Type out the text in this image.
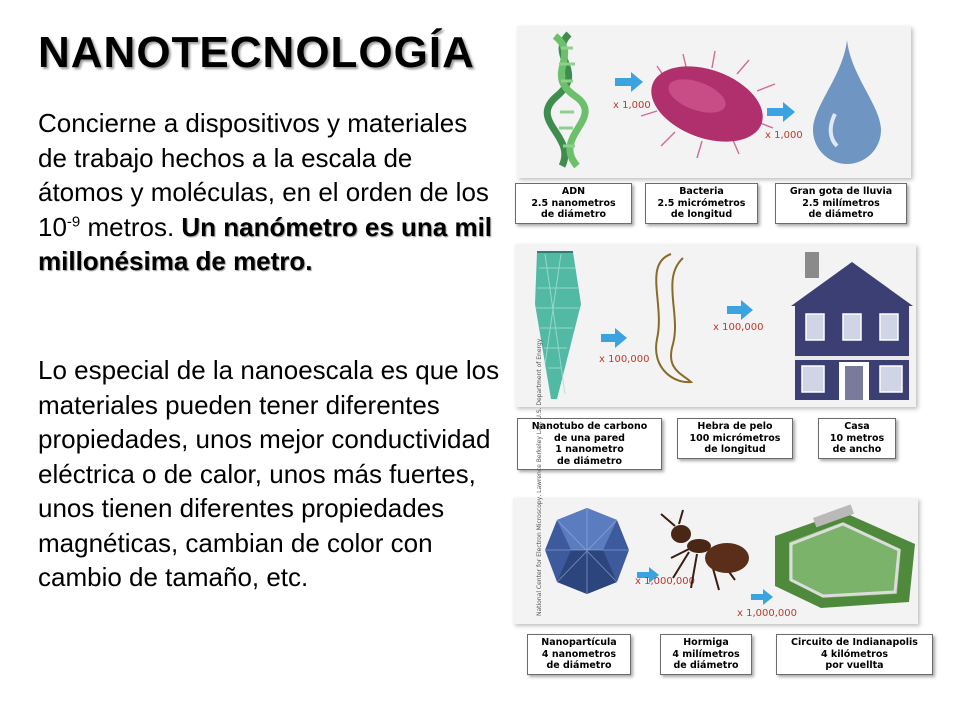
NANOTECNOLOGÍA

Concierne a dispositivos y materiales de trabajo hechos a la escala de átomos y moléculas, en el orden de los $10^{-9}$ metros. Un nanómetro es una mil millonésima de metro.

Lo especial de la nanoescala es que los materiales pueden tener diferentes propiedades, unos mejor conductividad eléctrica o de calor, unos más fuertes, unos tienen diferentes propiedades magnéticas, cambian de color con cambio de tamaño, etc.

x 1,000
x 1,000
ADN
2.5 nanometros
de diámetro
Bacteria
2.5 micrómetros
de longitud
Gran gota de lluvia
2.5 milímetros
de diámetro
x 100,000
x 100,000
Nanotubo de carbono
de una pared
1 nanometro
de diámetro
Hebra de pelo
100 micrómetros
de longitud
Casa
10 metros
de ancho
National Center for Electron Microscopy, Lawrence Berkeley Lab, U.S. Department of Energy	x 1,000,000
x 1,000,000
Nanopartícula
4 nanometros
de diámetro
Hormiga
4 milímetros
de diámetro
Circuito de Indianapolis
4 kilómetros
por vuellta
